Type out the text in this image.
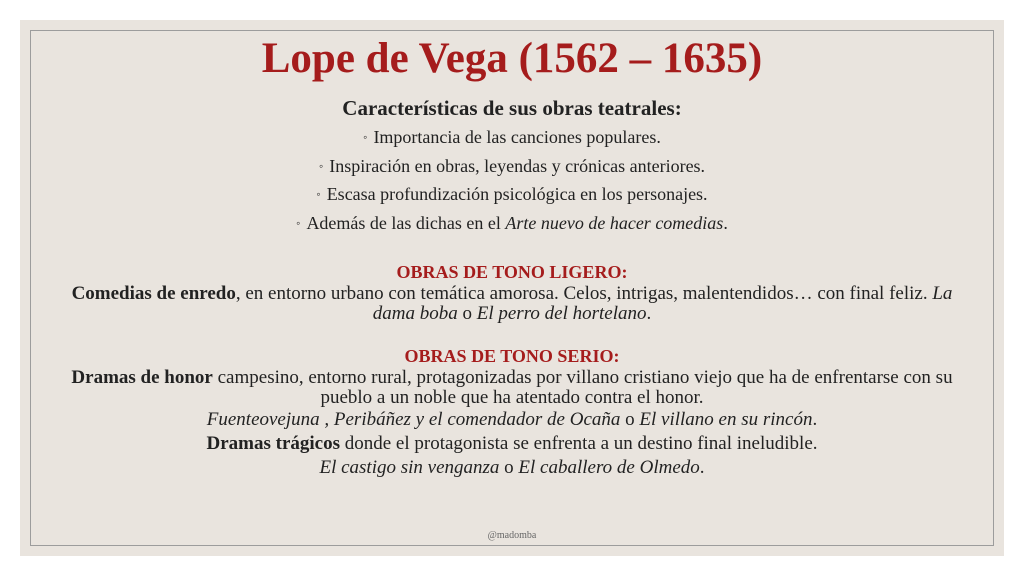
Lope de Vega (1562 – 1635)

Características de sus obras teatrales:

◦ Importancia de las canciones populares.
◦ Inspiración en obras, leyendas y crónicas anteriores.
◦ Escasa profundización psicológica en los personajes.
◦ Además de las dichas en el Arte nuevo de hacer comedias.

OBRAS DE TONO LIGERO:

Comedias de enredo, en entorno urbano con temática amorosa. Celos, intrigas, malentendidos… con final feliz. La dama boba o El perro del hortelano.

OBRAS DE TONO SERIO:

Dramas de honor campesino, entorno rural, protagonizadas por villano cristiano viejo que ha de enfrentarse con su pueblo a un noble que ha atentado contra el honor.

Fuenteovejuna , Peribáñez y el comendador de Ocaña o El villano en su rincón.

Dramas trágicos donde el protagonista se enfrenta a un destino final ineludible.

El castigo sin venganza o El caballero de Olmedo.

@madomba
